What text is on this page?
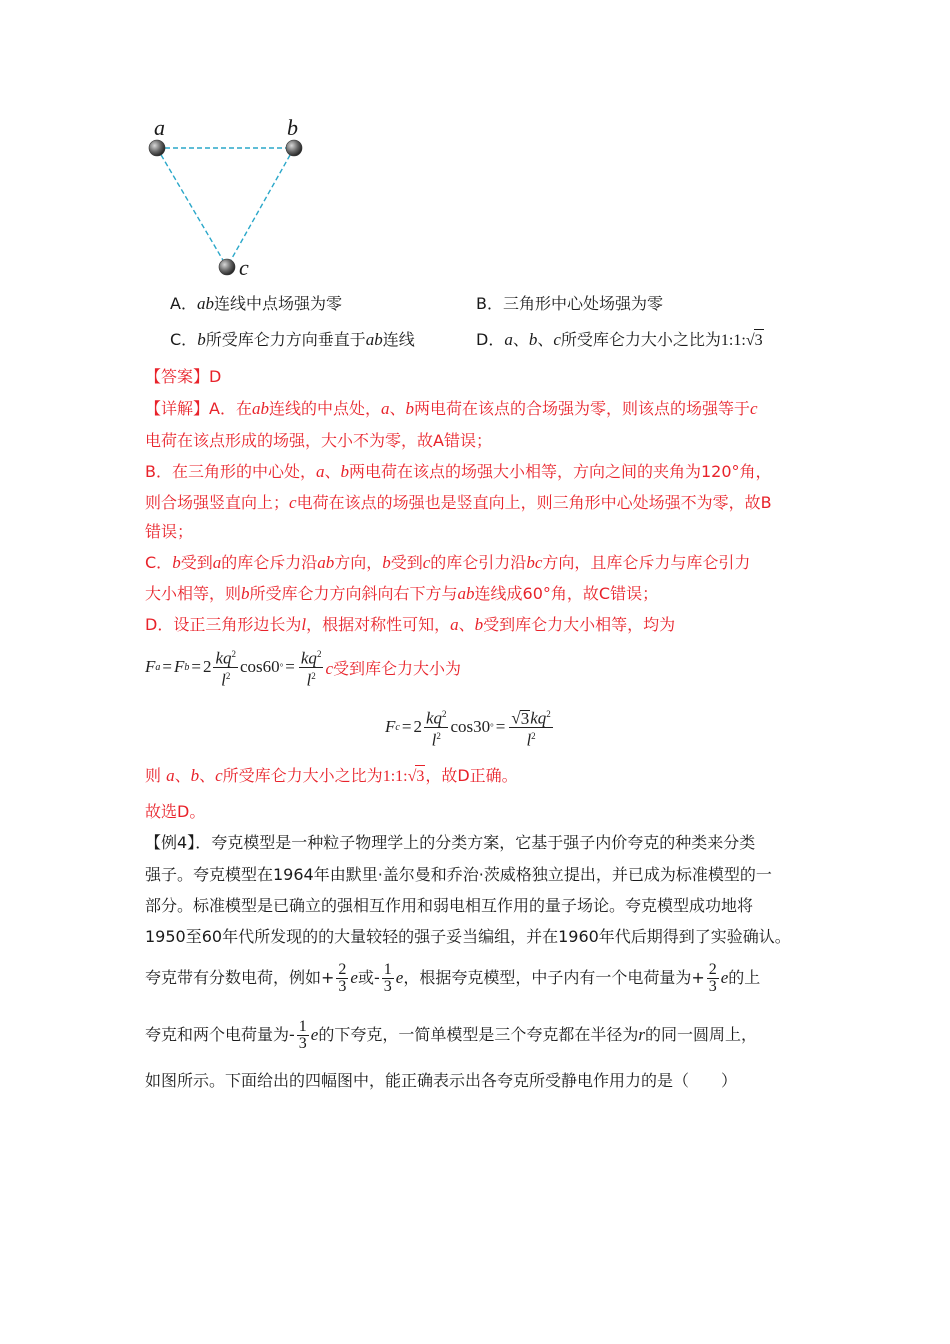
a	b
c
A．ab连线中点场强为零	B．三角形中心处场强为零
C．b所受库仑力方向垂直于ab连线	D．a、b、c所受库仑力大小之比为1:1:√3
【答案】D
【详解】A．在ab连线的中点处，a、b两电荷在该点的合场强为零，则该点的场强等于c
电荷在该点形成的场强，大小不为零，故A错误；
B．在三角形的中心处，a、b两电荷在该点的场强大小相等，方向之间的夹角为120°角，
则合场强竖直向上；c电荷在该点的场强也是竖直向上，则三角形中心处场强不为零，故B
错误；
C．b受到a的库仑斥力沿ab方向，b受到c的库仑引力沿bc方向，且库仑斥力与库仑引力
大小相等，则b所受库仑力方向斜向右下方与ab连线成60°角，故C错误；
D．设正三角形边长为l，根据对称性可知，a、b受到库仑力大小相等，均为
F a = F $b = 2 \frac{kq^2}{l^2} \cos 60$ ° = $\frac{kq^2}{l^2}$ c受到库仑力大小为
F $c = 2 \frac{kq^2}{l^2} \cos 30$ ° = $\frac{√3kq^2}{l^2}$
则 a、b、c所受库仑力大小之比为1:1:√3，故D正确。
故选D。
【例4】．夸克模型是一种粒子物理学上的分类方案，它基于强子内价夸克的种类来分类
强子。夸克模型在1964年由默里·盖尔曼和乔治·茨威格独立提出，并已成为标准模型的一
部分。标准模型是已确立的强相互作用和弱电相互作用的量子场论。夸克模型成功地将
1950至60年代所发现的的大量较轻的强子妥当编组，并在1960年代后期得到了实验确认。
夸克带有分数电荷，例如 + $\frac{2}{3}$ e 或 - $\frac{1}{3}$ e ，根据夸克模型，中子内有一个电荷量为 + $\frac{2}{3}$ e 的上
夸克和两个电荷量为 - $\frac{1}{3}$ e 的下夸克，一简单模型是三个夸克都在半径为 r 的同一圆周上，
如图所示。下面给出的四幅图中，能正确表示出各夸克所受静电作用力的是（　　）
